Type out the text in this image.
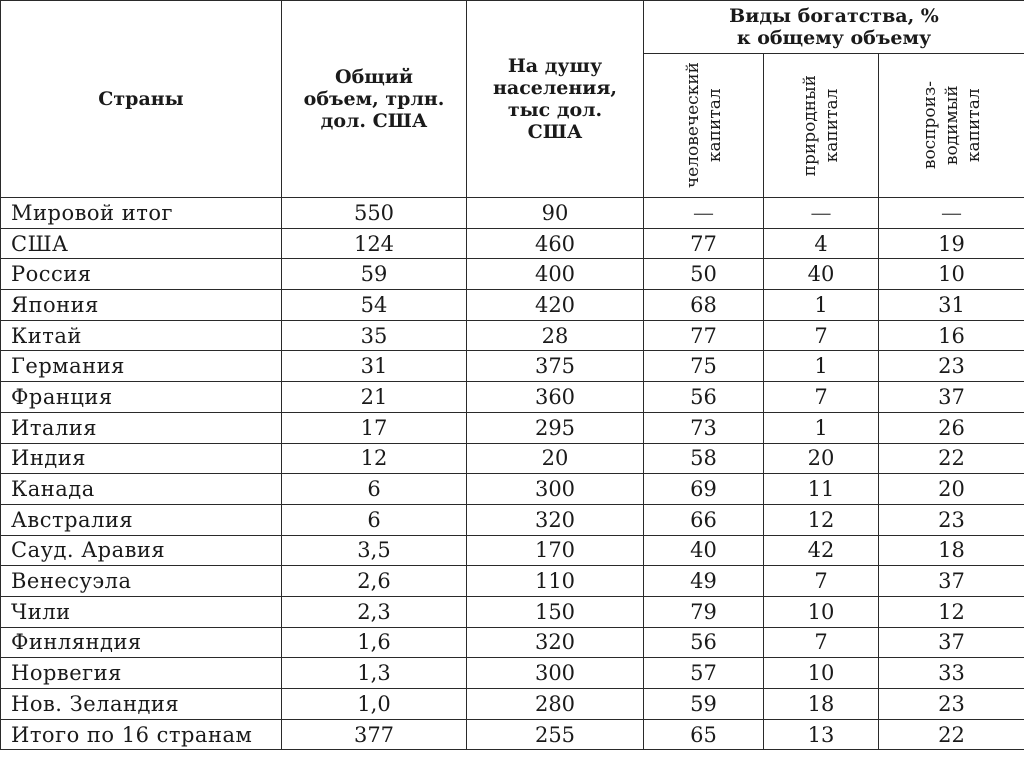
Страны	Общий
объем, трлн.
дол. США	На душу
населения,
тыс дол.
США	Виды богатства, %
к общему объему		

			человеческий
капитал	природный
капитал	воспроиз-
водимый
капитал

Мировой итог	550	90	—	—	—
США	124	460	77	4	19
Россия	59	400	50	40	10
Япония	54	420	68	1	31
Китай	35	28	77	7	16
Германия	31	375	75	1	23
Франция	21	360	56	7	37
Италия	17	295	73	1	26
Индия	12	20	58	20	22
Канада	6	300	69	11	20
Австралия	6	320	66	12	23
Сауд. Аравия	3,5	170	40	42	18
Венесуэла	2,6	110	49	7	37
Чили	2,3	150	79	10	12
Финляндия	1,6	320	56	7	37
Норвегия	1,3	300	57	10	33
Нов. Зеландия	1,0	280	59	18	23
Итого по 16 странам	377	255	65	13	22
